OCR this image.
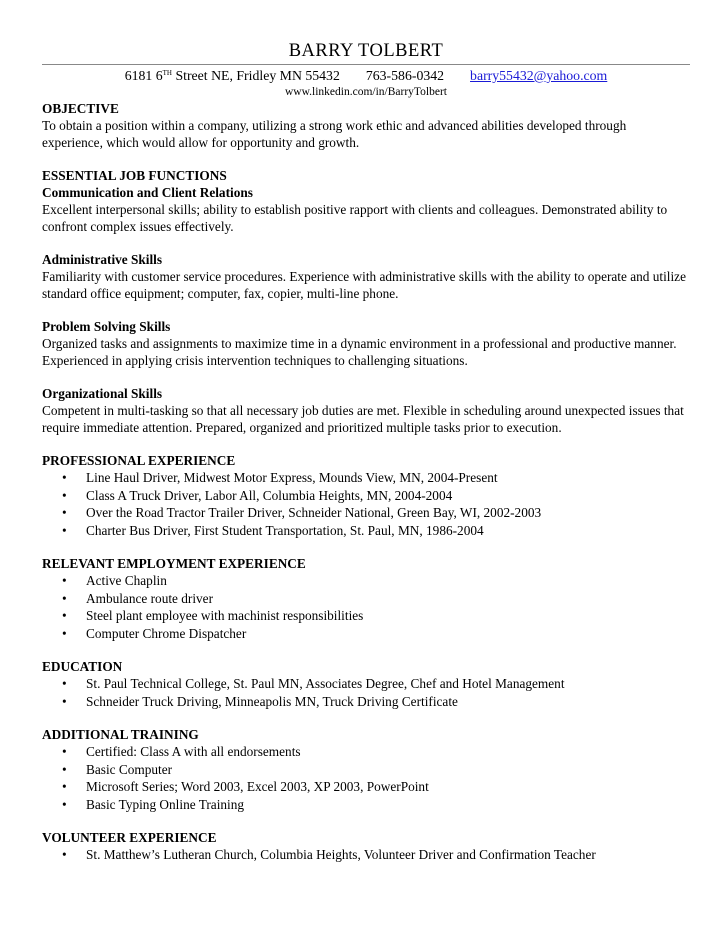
BARRY TOLBERT
6181 6TH Street NE, Fridley MN 55432 763-586-0342 barry55432@yahoo.com
www.linkedin.com/in/BarryTolbert
OBJECTIVE

To obtain a position within a company, utilizing a strong work ethic and advanced abilities developed through experience, which would allow for opportunity and growth.

ESSENTIAL JOB FUNCTIONS
Communication and Client Relations

Excellent interpersonal skills; ability to establish positive rapport with clients and colleagues. Demonstrated ability to confront complex issues effectively.

Administrative Skills

Familiarity with customer service procedures. Experience with administrative skills with the ability to operate and utilize standard office equipment; computer, fax, copier, multi-line phone.

Problem Solving Skills

Organized tasks and assignments to maximize time in a dynamic environment in a professional and productive manner. Experienced in applying crisis intervention techniques to challenging situations.

Organizational Skills

Competent in multi-tasking so that all necessary job duties are met. Flexible in scheduling around unexpected issues that require immediate attention. Prepared, organized and prioritized multiple tasks prior to execution.

PROFESSIONAL EXPERIENCE
• Line Haul Driver, Midwest Motor Express, Mounds View, MN, 2004-Present
• Class A Truck Driver, Labor All, Columbia Heights, MN, 2004-2004
• Over the Road Tractor Trailer Driver, Schneider National, Green Bay, WI, 2002-2003
• Charter Bus Driver, First Student Transportation, St. Paul, MN, 1986-2004
RELEVANT EMPLOYMENT EXPERIENCE
• Active Chaplin
• Ambulance route driver
• Steel plant employee with machinist responsibilities
• Computer Chrome Dispatcher
EDUCATION
• St. Paul Technical College, St. Paul MN, Associates Degree, Chef and Hotel Management
• Schneider Truck Driving, Minneapolis MN, Truck Driving Certificate
ADDITIONAL TRAINING
• Certified: Class A with all endorsements
• Basic Computer
• Microsoft Series; Word 2003, Excel 2003, XP 2003, PowerPoint
• Basic Typing Online Training
VOLUNTEER EXPERIENCE
• St. Matthew’s Lutheran Church, Columbia Heights, Volunteer Driver and Confirmation Teacher
